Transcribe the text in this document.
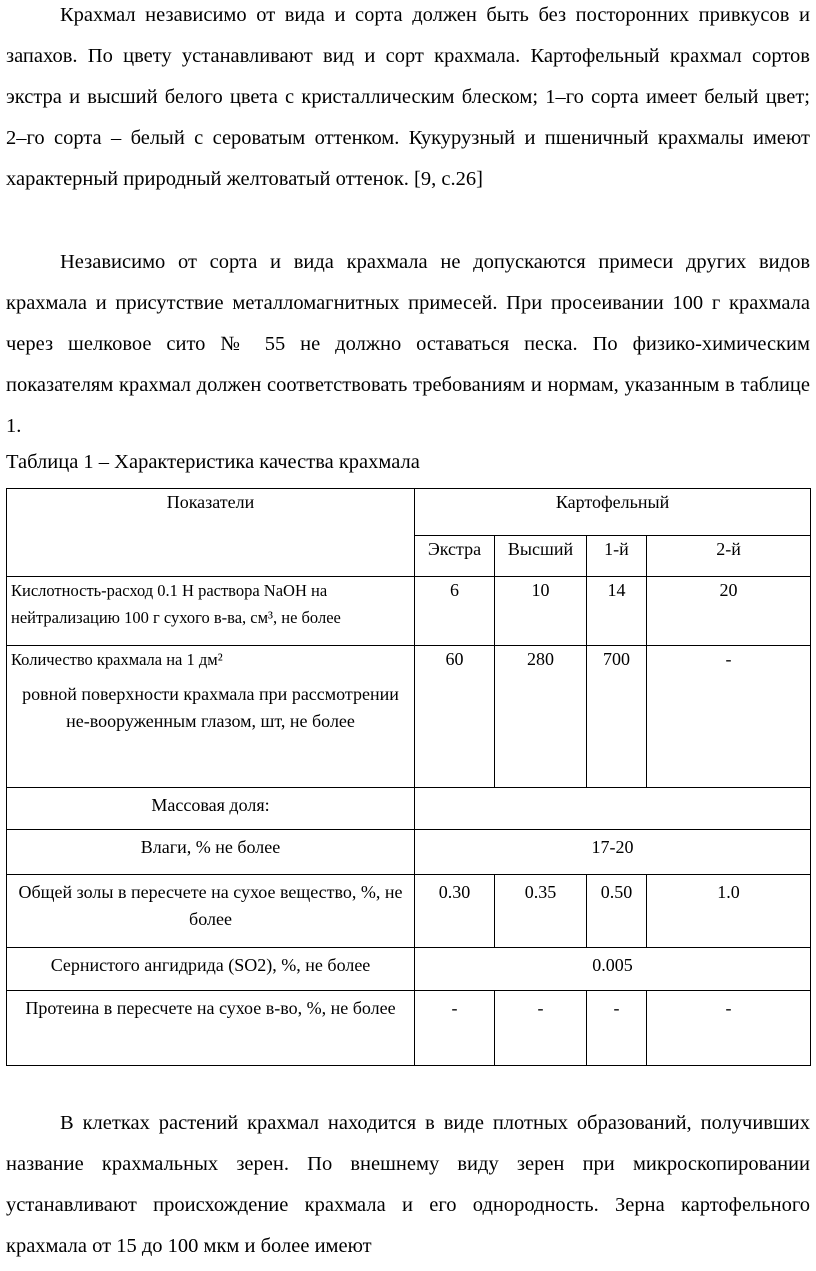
Крахмал независимо от вида и сорта должен быть без посторонних привкусов и запахов. По цвету устанавливают вид и сорт крахмала. Картофельный крахмал сортов экстра и высший белого цвета с кристаллическим блеском; 1–го сорта имеет белый цвет; 2–го сорта – белый с сероватым оттенком. Кукурузный и пшеничный крахмалы имеют характерный природный желтоватый оттенок. [9, с.26]

Независимо от сорта и вида крахмала не допускаются примеси других видов крахмала и присутствие металломагнитных примесей. При просеивании 100 г крахмала через шелковое сито № 55 не должно оставаться песка. По физико-химическим показателям крахмал должен соответствовать требованиям и нормам, указанным в таблице 1.

Таблица 1 – Характеристика качества крахмала
Показатели	Картофельный			
	Экстра	Высший	1-й	2-й
Кислотность-расход 0.1 Н раствора NaOH на нейтрализацию 100 г сухого в-ва, см³, не более	6	10	14	20
Количество крахмала на 1 дм²
ровной поверхности крахмала при рассмотрении не-вооруженным глазом, шт, не более	60	280	700	-
Массовая доля:				
Влаги, % не более	17-20			
Общей золы в пересчете на сухое вещество, %, не более	0.30	0.35	0.50	1.0
Сернистого ангидрида (SO2), %, не более	0.005			
Протеина в пересчете на сухое в-во, %, не более	-	-	-	-

В клетках растений крахмал находится в виде плотных образований, получивших название крахмальных зерен. По внешнему виду зерен при микроскопировании устанавливают происхождение крахмала и его однородность. Зерна картофельного крахмала от 15 до 100 мкм и более имеют
